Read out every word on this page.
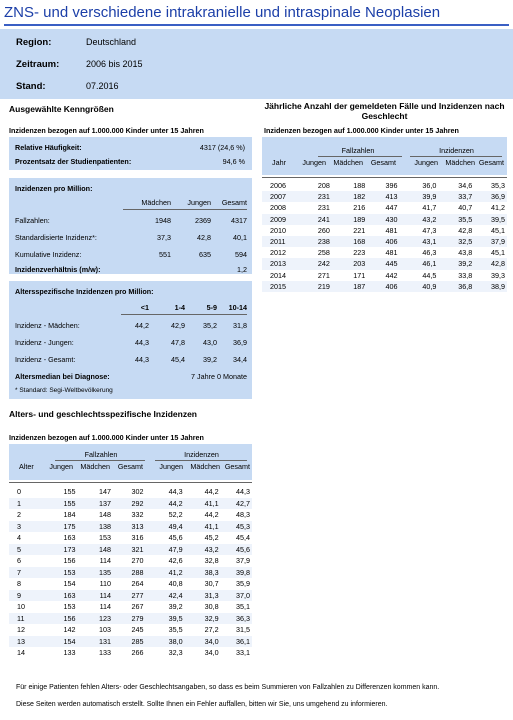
ZNS- und verschiedene intrakranielle und intraspinale Neoplasien
Region:	Deutschland
Zeitraum:	2006 bis 2015
Stand:	07.2016
Ausgewählte Kenngrößen
Inzidenzen bezogen auf 1.000.000 Kinder unter 15 Jahren
Relative Häufigkeit:	4317 (24,6 %)
Prozentsatz der Studienpatienten:	94,6 %
Inzidenzen pro Million:
Mädchen	Jungen	Gesamt
Fallzahlen:	1948	2369	4317
Standardisierte Inzidenz*:	37,3	42,8	40,1
Kumulative Inzidenz:	551	635	594
Inzidenzverhältnis (m/w):	1,2
Altersspezifische Inzidenzen pro Million:
<1	1-4	5-9	10-14
Inzidenz - Mädchen:	44,2	42,9	35,2	31,8
Inzidenz - Jungen:	44,3	47,8	43,0	36,9
Inzidenz - Gesamt:	44,3	45,4	39,2	34,4
Altersmedian bei Diagnose:	7 Jahre 0 Monate
* Standard: Segi-Weltbevölkerung
Jährliche Anzahl der gemeldeten Fälle und Inzidenzen nach Geschlecht
Inzidenzen bezogen auf 1.000.000 Kinder unter 15 Jahren
Fallzahlen	Inzidenzen
Jahr	Jungen	Mädchen	Gesamt	Jungen	Mädchen Gesamt
2006	208	188	396	36,0	34,6	35,3
2007	231	182	413	39,9	33,7	36,9
2008	231	216	447	41,7	40,7	41,2
2009	241	189	430	43,2	35,5	39,5
2010	260	221	481	47,3	42,8	45,1
2011	238	168	406	43,1	32,5	37,9
2012	258	223	481	46,3	43,8	45,1
2013	242	203	445	46,1	39,2	42,8
2014	271	171	442	44,5	33,8	39,3
2015	219	187	406	40,9	36,8	38,9
Alters- und geschlechtsspezifische Inzidenzen
Inzidenzen bezogen auf 1.000.000 Kinder unter 15 Jahren
Fallzahlen	Inzidenzen
Alter	Jungen	Mädchen	Gesamt	Jungen	Mädchen Gesamt
0	155	147	302	44,3	44,2	44,3
1	155	137	292	44,2	41,1	42,7
2	184	148	332	52,2	44,2	48,3
3	175	138	313	49,4	41,1	45,3
4	163	153	316	45,6	45,2	45,4
5	173	148	321	47,9	43,2	45,6
6	156	114	270	42,6	32,8	37,9
7	153	135	288	41,2	38,3	39,8
8	154	110	264	40,8	30,7	35,9
9	163	114	277	42,4	31,3	37,0
10	153	114	267	39,2	30,8	35,1
11	156	123	279	39,5	32,9	36,3
12	142	103	245	35,5	27,2	31,5
13	154	131	285	38,0	34,0	36,1
14	133	133	266	32,3	34,0	33,1
Für einige Patienten fehlen Alters- oder Geschlechtsangaben, so dass es beim Summieren von Fallzahlen zu Differenzen kommen kann.
Diese Seiten werden automatisch erstellt. Sollte Ihnen ein Fehler auffallen, bitten wir Sie, uns umgehend zu informieren.
